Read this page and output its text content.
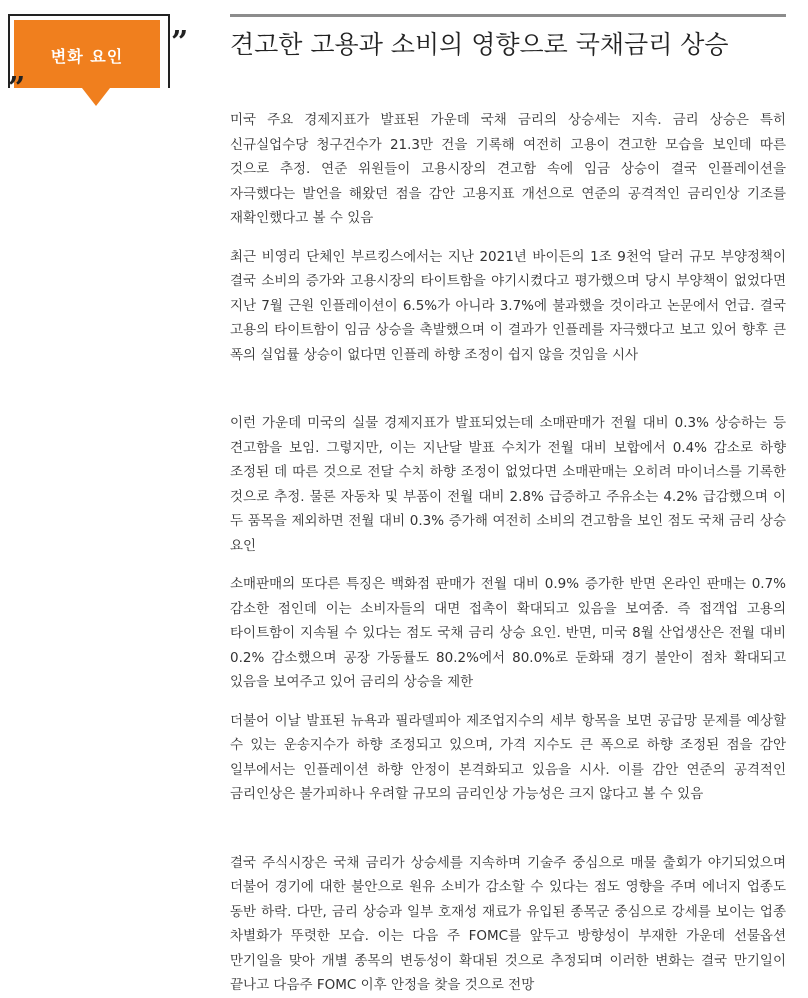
변화 요인	”
”
견고한 고용과 소비의 영향으로 국채금리 상승

미국 주요 경제지표가 발표된 가운데 국채 금리의 상승세는 지속. 금리 상승은 특히 신규실업수당 청구건수가 21.3만 건을 기록해 여전히 고용이 견고한 모습을 보인데 따른 것으로 추정. 연준 위원들이 고용시장의 견고함 속에 임금 상승이 결국 인플레이션을 자극했다는 발언을 해왔던 점을 감안 고용지표 개선으로 연준의 공격적인 금리인상 기조를 재확인했다고 볼 수 있음

최근 비영리 단체인 부르킹스에서는 지난 2021년 바이든의 1조 9천억 달러 규모 부양정책이 결국 소비의 증가와 고용시장의 타이트함을 야기시켰다고 평가했으며 당시 부양책이 없었다면 지난 7월 근원 인플레이션이 6.5%가 아니라 3.7%에 불과했을 것이라고 논문에서 언급. 결국 고용의 타이트함이 임금 상승을 촉발했으며 이 결과가 인플레를 자극했다고 보고 있어 향후 큰 폭의 실업률 상승이 없다면 인플레 하향 조정이 쉽지 않을 것임을 시사

이런 가운데 미국의 실물 경제지표가 발표되었는데 소매판매가 전월 대비 0.3% 상승하는 등 견고함을 보임. 그렇지만, 이는 지난달 발표 수치가 전월 대비 보합에서 0.4% 감소로 하향 조정된 데 따른 것으로 전달 수치 하향 조정이 없었다면 소매판매는 오히려 마이너스를 기록한 것으로 추정. 물론 자동차 및 부품이 전월 대비 2.8% 급증하고 주유소는 4.2% 급감했으며 이 두 품목을 제외하면 전월 대비 0.3% 증가해 여전히 소비의 견고함을 보인 점도 국채 금리 상승 요인

소매판매의 또다른 특징은 백화점 판매가 전월 대비 0.9% 증가한 반면 온라인 판매는 0.7% 감소한 점인데 이는 소비자들의 대면 접촉이 확대되고 있음을 보여줌. 즉 접객업 고용의 타이트함이 지속될 수 있다는 점도 국채 금리 상승 요인. 반면, 미국 8월 산업생산은 전월 대비 0.2% 감소했으며 공장 가동률도 80.2%에서 80.0%로 둔화돼 경기 불안이 점차 확대되고 있음을 보여주고 있어 금리의 상승을 제한

더불어 이날 발표된 뉴욕과 필라델피아 제조업지수의 세부 항목을 보면 공급망 문제를 예상할 수 있는 운송지수가 하향 조정되고 있으며, 가격 지수도 큰 폭으로 하향 조정된 점을 감안 일부에서는 인플레이션 하향 안정이 본격화되고 있음을 시사. 이를 감안 연준의 공격적인 금리인상은 불가피하나 우려할 규모의 금리인상 가능성은 크지 않다고 볼 수 있음

결국 주식시장은 국채 금리가 상승세를 지속하며 기술주 중심으로 매물 출회가 야기되었으며 더불어 경기에 대한 불안으로 원유 소비가 감소할 수 있다는 점도 영향을 주며 에너지 업종도 동반 하락. 다만, 금리 상승과 일부 호재성 재료가 유입된 종목군 중심으로 강세를 보이는 업종 차별화가 뚜렷한 모습. 이는 다음 주 FOMC를 앞두고 방향성이 부재한 가운데 선물옵션 만기일을 맞아 개별 종목의 변동성이 확대된 것으로 추정되며 이러한 변화는 결국 만기일이 끝나고 다음주 FOMC 이후 안정을 찾을 것으로 전망
